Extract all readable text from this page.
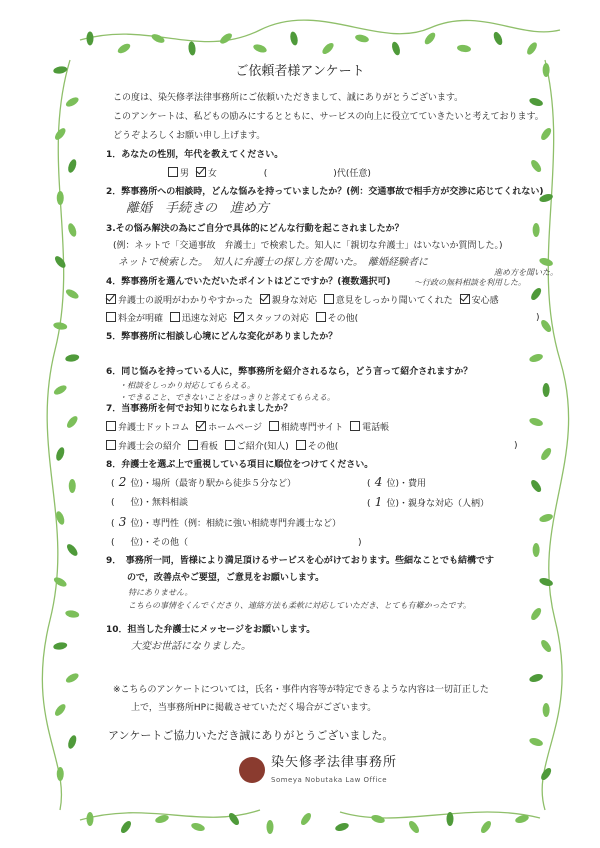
ご依頼者様アンケート
この度は、染矢修孝法律事務所にご依頼いただきまして、誠にありがとうございます。
このアンケートは、私どもの励みにするとともに、サービスの向上に役立てていきたいと考えております。
どうぞよろしくお願い申し上げます。
1．あなたの性別，年代を教えてください。
男 女	(	)代(任意)
2．弊事務所への相談時，どんな悩みを持っていましたか？(例：交通事故で相手方が交渉に応じてくれない)
離婚　手続きの　進め方
3.その悩み解決の為にご自分で具体的にどんな行動を起こされましたか？
(例：ネットで「交通事故　弁護士」で検索した。知人に「親切な弁護士」はいないか質問した。)
ネットで検索した。　知人に弁護士の探し方を聞いた。　離婚経験者に
4．弊事務所を選んでいただいたポイントはどこですか？(複数選択可)	〜行政の無料相談を利用した。
進め方を聞いた。
弁護士の説明がわかりやすかった 親身な対応 意見をしっかり聞いてくれた 安心感
料金が明確 迅速な対応 スタッフの対応 その他(	)
5．弊事務所に相談し心境にどんな変化がありましたか？
6．同じ悩みを持っている人に，弊事務所を紹介されるなら，どう言って紹介されますか？
・相談をしっかり対応してもらえる。
・できること、できないことをはっきりと答えてもらえる。
7．当事務所を何でお知りになられましたか？
弁護士ドットコム ホームページ 相続専門サイト 電話帳
弁護士会の紹介 看板 ご紹介(知人) その他(	)
8．弁護士を選ぶ上で重視している項目に順位をつけてください。
( 2 位)・場所（最寄り駅から徒歩５分など）	( 4 位)・費用
( 位)・無料相談	( 1 位)・親身な対応（人柄）
( 3 位)・専門性（例：相続に強い相続専門弁護士など）
( 位)・その他（	)
9．　事務所一同，皆様により満足頂けるサービスを心がけております。些細なことでも結構です
ので，改善点やご要望，ご意見をお願いします。
特にありません。
こちらの事情をくんでくださり、連絡方法も柔軟に対応していただき、とても有難かったです。
10．担当した弁護士にメッセージをお願いします。
大変お世話になりました。
※こちらのアンケートについては，氏名・事件内容等が特定できるような内容は一切訂正した
上で，当事務所HPに掲載させていただく場合がございます。
アンケートご協力いただき誠にありがとうございました。
染矢修孝法律事務所
Someya Nobutaka Law Office
